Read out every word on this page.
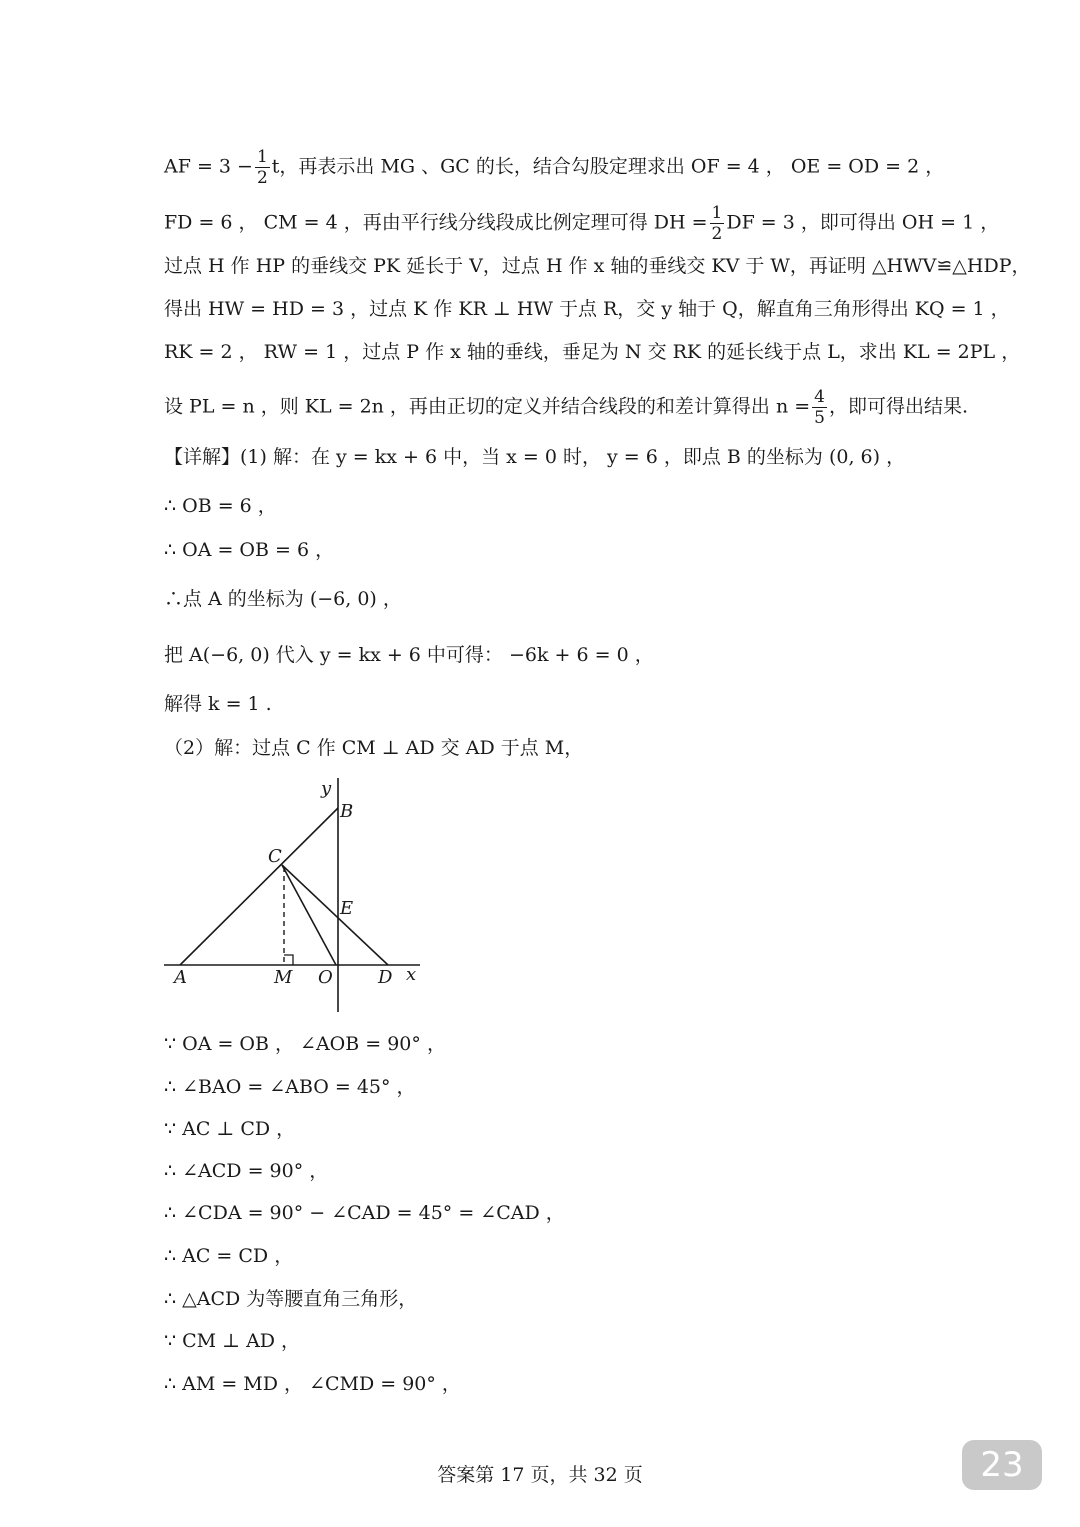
AF = $3 - \frac{1}{2}$ t，再表示出 MG 、GC 的长，结合勾股定理求出 OF = 4 ， OE = OD = 2 ，
FD = 6 ， CM = 4 ，再由平行线分线段成比例定理可得 DH = $\frac{1}{2}$ DF = 3 ，即可得出 OH = 1 ，
过点 H 作 HP 的垂线交 PK 延长于 V，过点 H 作 x 轴的垂线交 KV 于 W，再证明 △HWV≌△HDP，
得出 HW = HD = 3 ，过点 K 作 KR ⊥ HW 于点 R，交 y 轴于 Q，解直角三角形得出 KQ = 1 ，
RK = 2 ， RW = 1 ，过点 P 作 x 轴的垂线，垂足为 N 交 RK 的延长线于点 L，求出 KL = 2PL ，
设 PL = n ，则 KL = 2n ，再由正切的定义并结合线段的和差计算得出 $n = \frac{4}{5}$ ，即可得出结果.
【详解】(1) 解：在 y = kx + 6 中，当 x = 0 时， y = 6 ，即点 B 的坐标为 (0, 6) ，
∴ OB = 6 ，
∴ OA = OB = 6 ，
∴点 A 的坐标为 (−6, 0) ，
把 A(−6, 0) 代入 y = kx + 6 中可得： −6k + 6 = 0 ，
解得 k = 1 .
（2）解：过点 C 作 CM ⊥ AD 交 AD 于点 M，
y
B
C
E
A	M O	D x
∵ OA = OB ， ∠AOB = 90° ，
∴ ∠BAO = ∠ABO = 45° ，
∵ AC ⊥ CD ，
∴ ∠ACD = 90° ，
∴ ∠CDA = 90° − ∠CAD = 45° = ∠CAD ，
∴ AC = CD ，
∴ △ACD 为等腰直角三角形，
∵ CM ⊥ AD ，
∴ AM = MD ， ∠CMD = 90° ，
答案第 17 页，共 32 页	23
